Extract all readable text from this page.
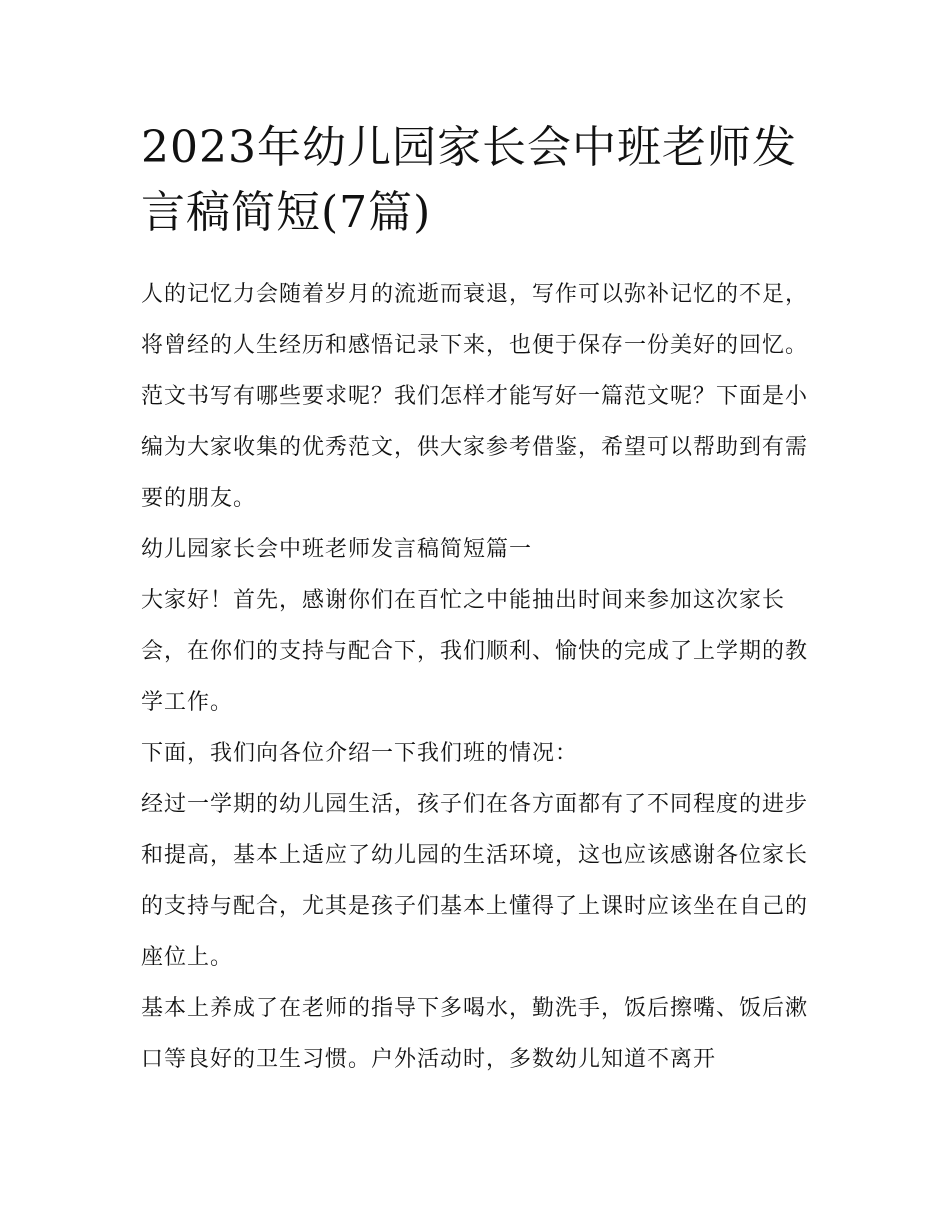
2023年幼儿园家长会中班老师发言稿简短(7篇)

人的记忆力会随着岁月的流逝而衰退，写作可以弥补记忆的不足，将曾经的人生经历和感悟记录下来，也便于保存一份美好的回忆。范文书写有哪些要求呢？我们怎样才能写好一篇范文呢？下面是小编为大家收集的优秀范文，供大家参考借鉴，希望可以帮助到有需要的朋友。

幼儿园家长会中班老师发言稿简短篇一

大家好！首先，感谢你们在百忙之中能抽出时间来参加这次家长会，在你们的支持与配合下，我们顺利、愉快的完成了上学期的教学工作。

下面，我们向各位介绍一下我们班的情况：

经过一学期的幼儿园生活，孩子们在各方面都有了不同程度的进步和提高，基本上适应了幼儿园的生活环境，这也应该感谢各位家长的支持与配合，尤其是孩子们基本上懂得了上课时应该坐在自己的座位上。

基本上养成了在老师的指导下多喝水，勤洗手，饭后擦嘴、饭后漱口等良好的卫生习惯。户外活动时，多数幼儿知道不离开
